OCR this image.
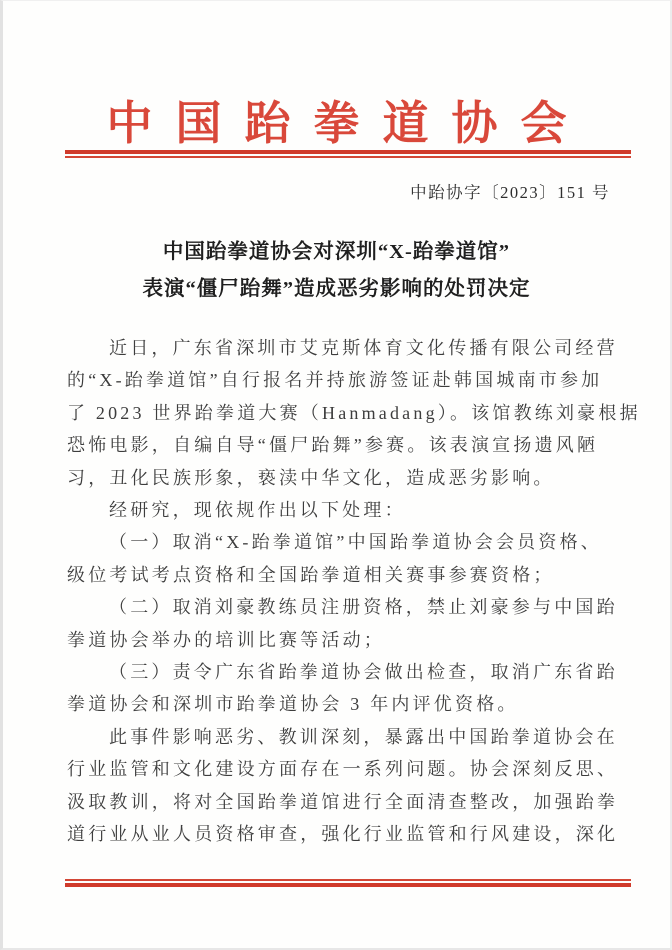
中国跆拳道协会
中跆协字〔2023〕151 号
中国跆拳道协会对深圳“X-跆拳道馆”
表演“僵尸跆舞”造成恶劣影响的处罚决定
近日，广东省深圳市艾克斯体育文化传播有限公司经营
的“X-跆拳道馆”自行报名并持旅游签证赴韩国城南市参加
了 2023 世界跆拳道大赛（Hanmadang）。该馆教练刘豪根据
恐怖电影，自编自导“僵尸跆舞”参赛。该表演宣扬遗风陋
习，丑化民族形象，亵渎中华文化，造成恶劣影响。
经研究，现依规作出以下处理：
（一）取消“X-跆拳道馆”中国跆拳道协会会员资格、
级位考试考点资格和全国跆拳道相关赛事参赛资格；
（二）取消刘豪教练员注册资格，禁止刘豪参与中国跆
拳道协会举办的培训比赛等活动；
（三）责令广东省跆拳道协会做出检查，取消广东省跆
拳道协会和深圳市跆拳道协会 3 年内评优资格。
此事件影响恶劣、教训深刻，暴露出中国跆拳道协会在
行业监管和文化建设方面存在一系列问题。协会深刻反思、
汲取教训，将对全国跆拳道馆进行全面清查整改，加强跆拳
道行业从业人员资格审查，强化行业监管和行风建设，深化
